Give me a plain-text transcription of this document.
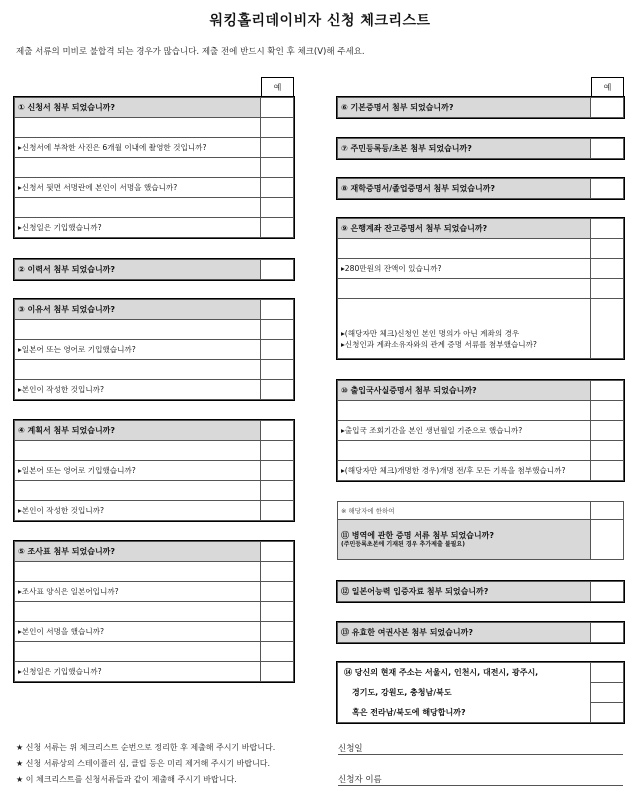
워킹홀리데이비자 신청 체크리스트
제출 서류의 미비로 불합격 되는 경우가 많습니다. 제출 전에 반드시 확인 후 체크(V)해 주세요.
예	예
① 신청서 첨부 되었습니까?	

▸신청서에 부착한 사진은 6개월 이내에 촬영한 것입니까?	

▸신청서 뒷면 서명란에 본인이 서명을 했습니까?	

▸신청일은 기입했습니까?	
② 이력서 첨부 되었습니까?	
③ 이유서 첨부 되었습니까?	

▸일본어 또는 영어로 기입했습니까?	

▸본인이 작성한 것입니까?	
④ 계획서 첨부 되었습니까?	

▸일본어 또는 영어로 기입했습니까?	

▸본인이 작성한 것입니까?	
⑤ 조사표 첨부 되었습니까?	

▸조사표 양식은 일본어입니까?	

▸본인이 서명을 했습니까?	

▸신청일은 기입했습니까?	
⑥ 기본증명서 첨부 되었습니까?	
⑦ 주민등록등/초본 첨부 되었습니까?	
⑧ 재학증명서/졸업증명서 첨부 되었습니까?	
⑨ 은행계좌 잔고증명서 첨부 되었습니까?	

▸280만원의 잔액이 있습니까?	

▸(해당자만 체크)신청인 본인 명의가 아닌 계좌의 경우
▸신청인과 계좌소유자와의 관계 증명 서류를 첨부했습니까?	

⑩ 출입국사실증명서 첨부 되었습니까?	

▸출입국 조회기간을 본인 생년월일 기준으로 했습니까?	

▸(해당자만 체크)개명한 경우)개명 전/후 모든 기록을 첨부했습니까?	
※ 해당자에 한하여	

⑪ 병역에 관한 증명 서류 첨부 되었습니까?
(주민등록초본에 기재된 경우 추가제출 불필요)	

⑫ 일본어능력 입증자료 첨부 되었습니까?	
⑬ 유효한 여권사본 첨부 되었습니까?	
⑭ 당신의 현재 주소는 서울시, 인천시, 대전시, 광주시,	
경기도, 강원도, 충청남/북도	
혹은 전라남/북도에 해당합니까?	
★ 신청 서류는 위 체크리스트 순번으로 정리한 후 제출해 주시기 바랍니다.
★ 신청 서류상의 스테이플러 심, 클립 등은 미리 제거해 주시기 바랍니다.
★ 이 체크리스트를 신청서류들과 같이 제출해 주시기 바랍니다.
신청일
신청자 이름
